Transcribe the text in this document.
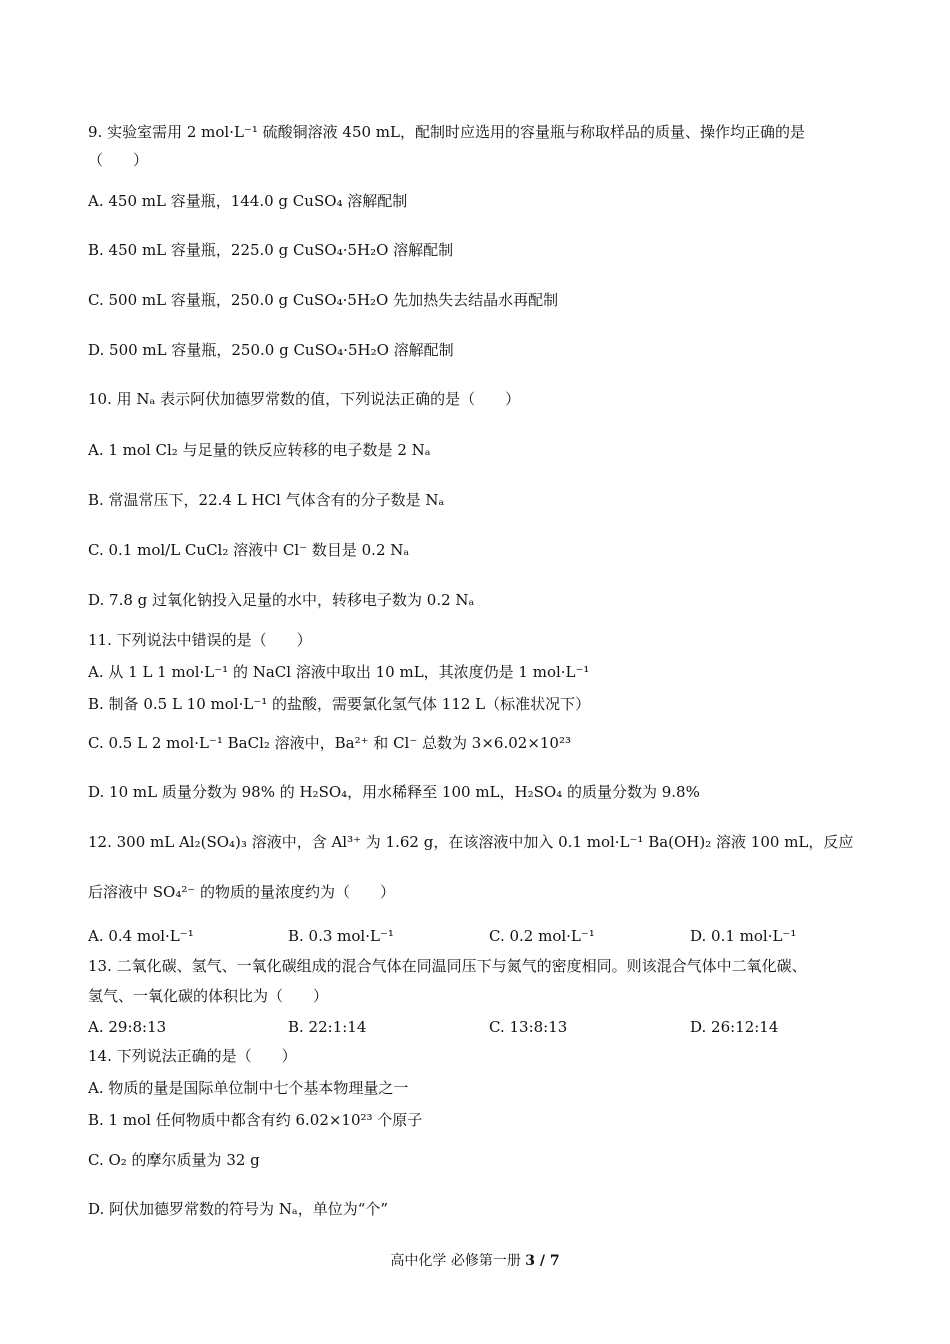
9. 实验室需用 2 mol·L⁻¹ 硫酸铜溶液 450 mL，配制时应选用的容量瓶与称取样品的质量、操作均正确的是
（　　）
A. 450 mL 容量瓶，144.0 g CuSO₄ 溶解配制
B. 450 mL 容量瓶，225.0 g CuSO₄·5H₂O 溶解配制
C. 500 mL 容量瓶，250.0 g CuSO₄·5H₂O 先加热失去结晶水再配制
D. 500 mL 容量瓶，250.0 g CuSO₄·5H₂O 溶解配制
10. 用 Nₐ 表示阿伏加德罗常数的值，下列说法正确的是（　　）
A. 1 mol Cl₂ 与足量的铁反应转移的电子数是 2 Nₐ
B. 常温常压下，22.4 L HCl 气体含有的分子数是 Nₐ
C. 0.1 mol/L CuCl₂ 溶液中 Cl⁻ 数目是 0.2 Nₐ
D. 7.8 g 过氧化钠投入足量的水中，转移电子数为 0.2 Nₐ
11. 下列说法中错误的是（　　）
A. 从 1 L 1 mol·L⁻¹ 的 NaCl 溶液中取出 10 mL，其浓度仍是 1 mol·L⁻¹
B. 制备 0.5 L 10 mol·L⁻¹ 的盐酸，需要氯化氢气体 112 L（标准状况下）
C. 0.5 L 2 mol·L⁻¹ BaCl₂ 溶液中，Ba²⁺ 和 Cl⁻ 总数为 3×6.02×10²³
D. 10 mL 质量分数为 98% 的 H₂SO₄，用水稀释至 100 mL，H₂SO₄ 的质量分数为 9.8%
12. 300 mL Al₂(SO₄)₃ 溶液中，含 Al³⁺ 为 1.62 g，在该溶液中加入 0.1 mol·L⁻¹ Ba(OH)₂ 溶液 100 mL，反应
后溶液中 SO₄²⁻ 的物质的量浓度约为（　　）
A. 0.4 mol·L⁻¹	B. 0.3 mol·L⁻¹	C. 0.2 mol·L⁻¹	D. 0.1 mol·L⁻¹
13. 二氧化碳、氢气、一氧化碳组成的混合气体在同温同压下与氮气的密度相同。则该混合气体中二氧化碳、
氢气、一氧化碳的体积比为（　　）
A. 29:8:13	B. 22:1:14	C. 13:8:13	D. 26:12:14
14. 下列说法正确的是（　　）
A. 物质的量是国际单位制中七个基本物理量之一
B. 1 mol 任何物质中都含有约 6.02×10²³ 个原子
C. O₂ 的摩尔质量为 32 g
D. 阿伏加德罗常数的符号为 Nₐ，单位为“个”
高中化学 必修第一册 3 / 7
